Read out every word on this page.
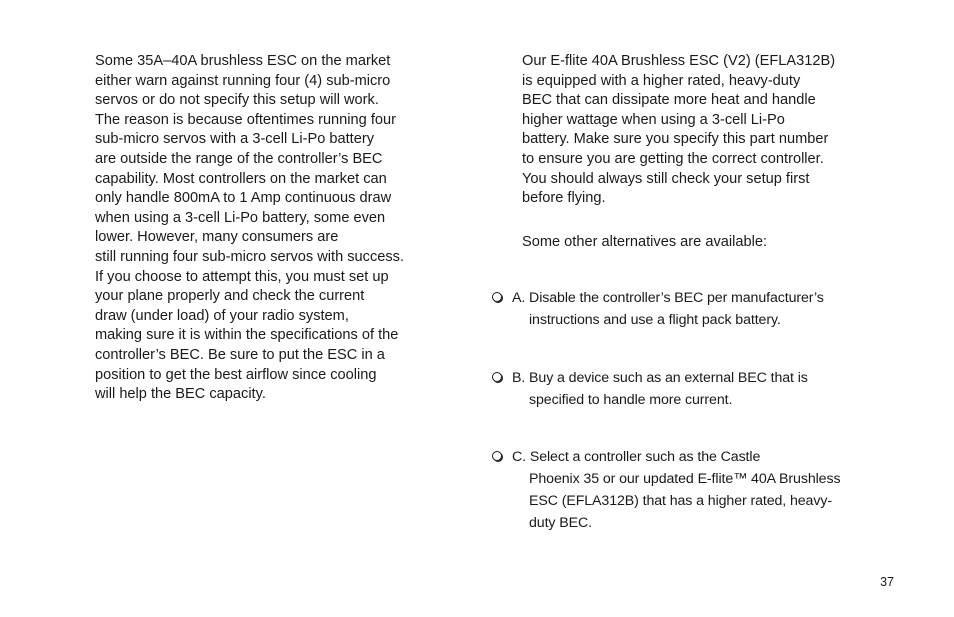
Some 35A–40A brushless ESC on the market
either warn against running four (4) sub-micro
servos or do not specify this setup will work.
The reason is because oftentimes running four
sub-micro servos with a 3-cell Li-Po battery
are outside the range of the controller’s BEC
capability. Most controllers on the market can
only handle 800mA to 1 Amp continuous draw
when using a 3-cell Li-Po battery, some even
lower. However, many consumers are
still running four sub-micro servos with success.
If you choose to attempt this, you must set up
your plane properly and check the current
draw (under load) of your radio system,
making sure it is within the specifications of the
controller’s BEC. Be sure to put the ESC in a
position to get the best airflow since cooling
will help the BEC capacity.
Our E-flite 40A Brushless ESC (V2) (EFLA312B)
is equipped with a higher rated, heavy-duty
BEC that can dissipate more heat and handle
higher wattage when using a 3-cell Li-Po
battery. Make sure you specify this part number
to ensure you are getting the correct controller.
You should always still check your setup first
before flying.
Some other alternatives are available:
A. Disable the controller’s BEC per manufacturer’s
instructions and use a flight pack battery.
B. Buy a device such as an external BEC that is
specified to handle more current.
C. Select a controller such as the Castle
Phoenix 35 or our updated E-flite™ 40A Brushless
ESC (EFLA312B) that has a higher rated, heavy-
duty BEC.
37
